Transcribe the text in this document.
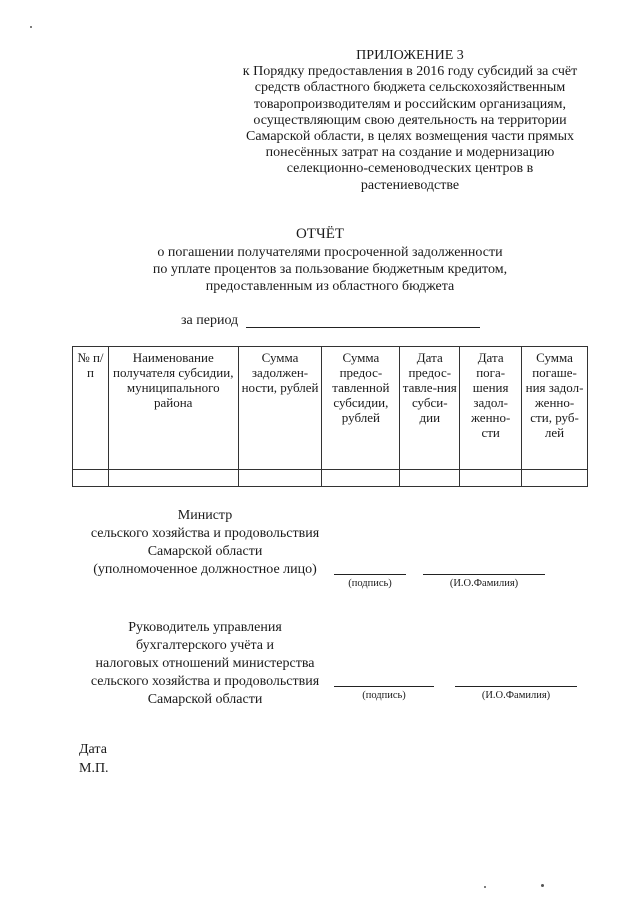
ПРИЛОЖЕНИЕ 3
к Порядку предоставления в 2016 году субсидий за счёт
средств областного бюджета сельскохозяйственным
товаропроизводителям и российским организациям,
осуществляющим свою деятельность на территории
Самарской области, в целях возмещения части прямых
понесённых затрат на создание и модернизацию
селекционно-семеноводческих центров в
растениеводстве
ОТЧЁТ
о погашении получателями просроченной задолженности
по уплате процентов за пользование бюджетным кредитом,
предоставленным из областного бюджета
за период
№ п/п	Наименование получателя субсидии, муниципального района	Сумма задолжен-ности, рублей	Сумма предос-тавленной субсидии, рублей	Дата предос-тавле-ния субси-дии	Дата пога-шения задол-женно-сти	Сумма погаше-ния задол-женно-сти, руб-лей

Министр
сельского хозяйства и продовольствия
Самарской области
(уполномоченное должностное лицо)
(подпись)	(И.О.Фамилия)
Руководитель управления
бухгалтерского учёта и
налоговых отношений министерства
сельского хозяйства и продовольствия
Самарской области	(подпись)	(И.О.Фамилия)
Дата
М.П.
